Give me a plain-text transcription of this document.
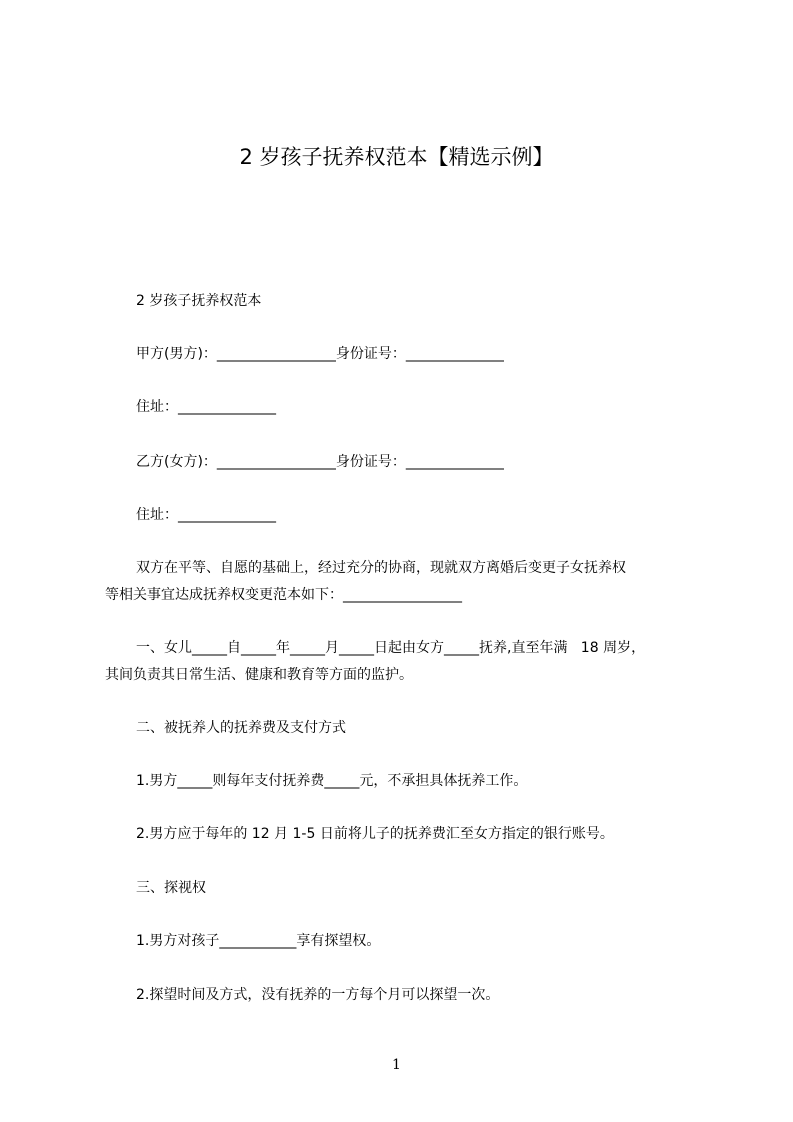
2 岁孩子抚养权范本【精选示例】
2 岁孩子抚养权范本
甲方(男方)：_________________身份证号：______________
住址：______________
乙方(女方)：_________________身份证号：______________
住址：______________
双方在平等、自愿的基础上，经过充分的协商，现就双方离婚后变更子女抚养权
等相关事宜达成抚养权变更范本如下：_________________
一、女儿_____自_____年_____月_____日起由女方_____抚养,直至年满   18 周岁，
其间负责其日常生活、健康和教育等方面的监护。
二、被抚养人的抚养费及支付方式
1.男方_____则每年支付抚养费_____元，不承担具体抚养工作。
2.男方应于每年的 12 月 1-5 日前将儿子的抚养费汇至女方指定的银行账号。
三、探视权
1.男方对孩子___________享有探望权。
2.探望时间及方式，没有抚养的一方每个月可以探望一次。
1
